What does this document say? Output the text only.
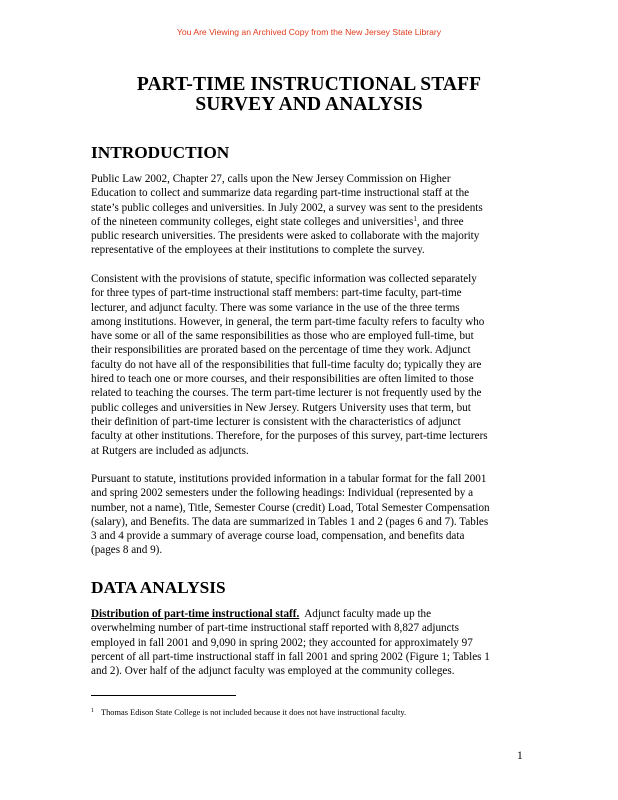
You Are Viewing an Archived Copy from the New Jersey State Library
PART-TIME INSTRUCTIONAL STAFF
SURVEY AND ANALYSIS
INTRODUCTION
Public Law 2002, Chapter 27, calls upon the New Jersey Commission on Higher
Education to collect and summarize data regarding part-time instructional staff at the
state’s public colleges and universities. In July 2002, a survey was sent to the presidents
of the nineteen community colleges, eight state colleges and universities$^1$, and three
public research universities. The presidents were asked to collaborate with the majority
representative of the employees at their institutions to complete the survey.
Consistent with the provisions of statute, specific information was collected separately
for three types of part-time instructional staff members: part-time faculty, part-time
lecturer, and adjunct faculty. There was some variance in the use of the three terms
among institutions. However, in general, the term part-time faculty refers to faculty who
have some or all of the same responsibilities as those who are employed full-time, but
their responsibilities are prorated based on the percentage of time they work. Adjunct
faculty do not have all of the responsibilities that full-time faculty do; typically they are
hired to teach one or more courses, and their responsibilities are often limited to those
related to teaching the courses. The term part-time lecturer is not frequently used by the
public colleges and universities in New Jersey. Rutgers University uses that term, but
their definition of part-time lecturer is consistent with the characteristics of adjunct
faculty at other institutions. Therefore, for the purposes of this survey, part-time lecturers
at Rutgers are included as adjuncts.
Pursuant to statute, institutions provided information in a tabular format for the fall 2001
and spring 2002 semesters under the following headings: Individual (represented by a
number, not a name), Title, Semester Course (credit) Load, Total Semester Compensation
(salary), and Benefits. The data are summarized in Tables 1 and 2 (pages 6 and 7). Tables
3 and 4 provide a summary of average course load, compensation, and benefits data
(pages 8 and 9).
DATA ANALYSIS
Distribution of part-time instructional staff.  Adjunct faculty made up the
overwhelming number of part-time instructional staff reported with 8,827 adjuncts
employed in fall 2001 and 9,090 in spring 2002; they accounted for approximately 97
percent of all part-time instructional staff in fall 2001 and spring 2002 (Figure 1; Tables 1
and 2). Over half of the adjunct faculty was employed at the community colleges.
$^1$ Thomas Edison State College is not included because it does not have instructional faculty.
1
